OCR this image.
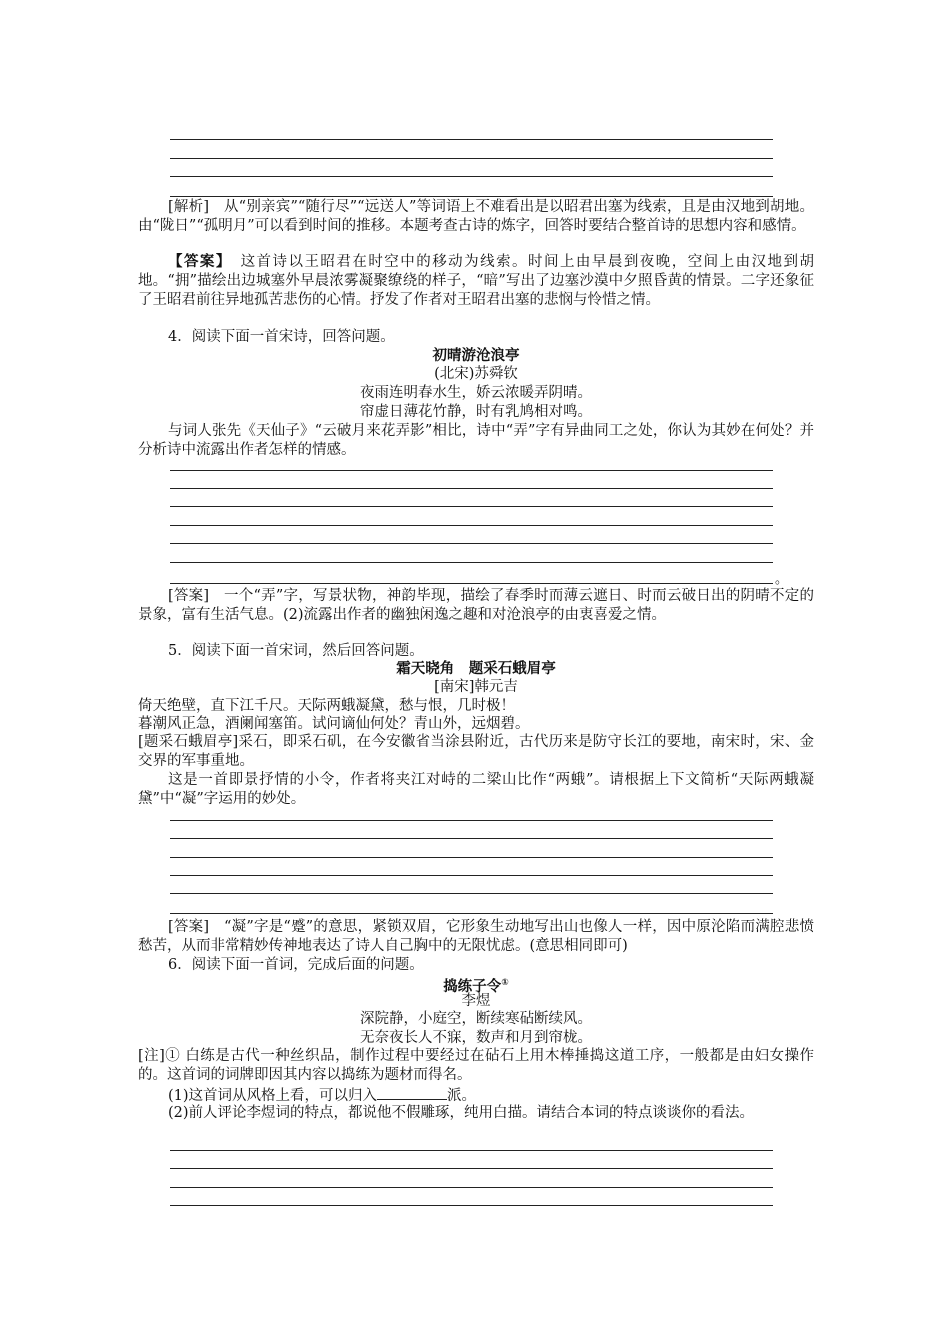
[解析]　从“别亲宾”“随行尽”“远送人”等词语上不难看出是以昭君出塞为线索，且是由汉地到胡地。由“陇日”“孤明月”可以看到时间的推移。本题考查古诗的炼字，回答时要结合整首诗的思想内容和感情。
【答案】　这首诗以王昭君在时空中的移动为线索。时间上由早晨到夜晚，空间上由汉地到胡地。“拥”描绘出边城塞外早晨浓雾凝聚缭绕的样子，“暗”写出了边塞沙漠中夕照昏黄的情景。二字还象征了王昭君前往异地孤苦悲伤的心情。抒发了作者对王昭君出塞的悲悯与怜惜之情。
4．阅读下面一首宋诗，回答问题。
初晴游沧浪亭
(北宋)苏舜钦
夜雨连明春水生，娇云浓暖弄阴晴。
帘虚日薄花竹静，时有乳鸠相对鸣。
与词人张先《天仙子》“云破月来花弄影”相比，诗中“弄”字有异曲同工之处，你认为其妙在何处？并分析诗中流露出作者怎样的情感。
。
[答案]　一个“弄”字，写景状物，神韵毕现，描绘了春季时而薄云遮日、时而云破日出的阴晴不定的景象，富有生活气息。(2)流露出作者的幽独闲逸之趣和对沧浪亭的由衷喜爱之情。
5．阅读下面一首宋词，然后回答问题。
霜天晓角　题采石蛾眉亭
[南宋]韩元吉
倚天绝壁，直下江千尺。天际两蛾凝黛，愁与恨，几时极！
暮潮风正急，酒阑闻塞笛。试问谪仙何处？青山外，远烟碧。
[题采石蛾眉亭]采石，即采石矶，在今安徽省当涂县附近，古代历来是防守长江的要地，南宋时，宋、金交界的军事重地。
这是一首即景抒情的小令，作者将夹江对峙的二梁山比作“两蛾”。请根据上下文简析“天际两蛾凝黛”中“凝”字运用的妙处。
[答案]　“凝”字是“蹙”的意思，紧锁双眉，它形象生动地写出山也像人一样，因中原沦陷而满腔悲愤愁苦，从而非常精妙传神地表达了诗人自己胸中的无限忧虑。(意思相同即可)
6．阅读下面一首词，完成后面的问题。
捣练子令①
李煜
深院静，小庭空，断续寒砧断续风。
无奈夜长人不寐，数声和月到帘栊。
[注]① 白练是古代一种丝织品，制作过程中要经过在砧石上用木棒捶捣这道工序，一般都是由妇女操作的。这首词的词牌即因其内容以捣练为题材而得名。
(1)这首词从风格上看，可以归入	派。
(2)前人评论李煜词的特点，都说他不假雕琢，纯用白描。请结合本词的特点谈谈你的看法。
